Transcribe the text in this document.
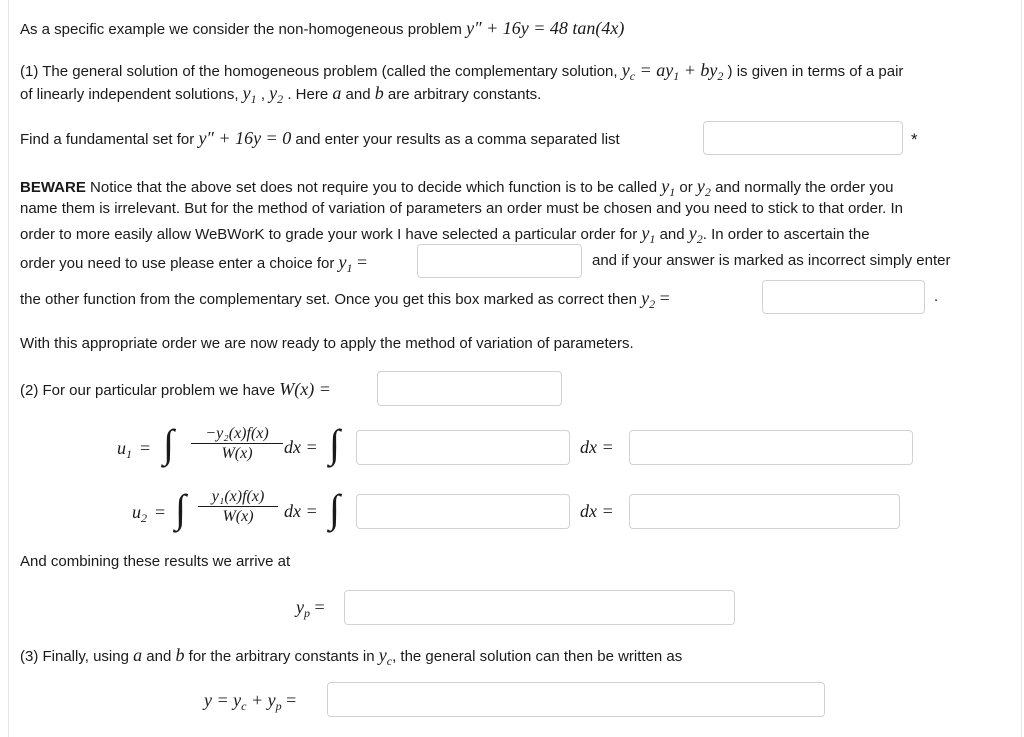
As a specific example we consider the non-homogeneous problem y″ + 16y = 48 tan(4x)
(1) The general solution of the homogeneous problem (called the complementary solution, $y_c = ay_1 + by_2$ ) is given in terms of a pair
of linearly independent solutions, $y_1$ , $y_2$ . Here a and b are arbitrary constants.
Find a fundamental set for y″ + 16y = 0 and enter your results as a comma separated list	*
BEWARE Notice that the above set does not require you to decide which function is to be called $y_1$ or $y_2$ and normally the order you
name them is irrelevant. But for the method of variation of parameters an order must be chosen and you need to stick to that order. In
order to more easily allow WeBWorK to grade your work I have selected a particular order for $y_1$ and $y_2$. In order to ascertain the
order you need to use please enter a choice for $y_1$ =	and if your answer is marked as incorrect simply enter
the other function from the complementary set. Once you get this box marked as correct then $y_2$ =	.
With this appropriate order we are now ready to apply the method of variation of parameters.
(2) For our particular problem we have W(x) =
$u_1$ = ∫ $\frac{\text{−y₂(x)f(x)}}{W(x)}$ dx = ∫	dx =
$u_2$ = ∫ $\frac{\text{y₁(x)f(x)}}{W(x)}$ dx = ∫	dx =
And combining these results we arrive at
$y_p$ =
(3) Finally, using a and b for the arbitrary constants in $y_c$, the general solution can then be written as
$y = y_c + y_p$ =
